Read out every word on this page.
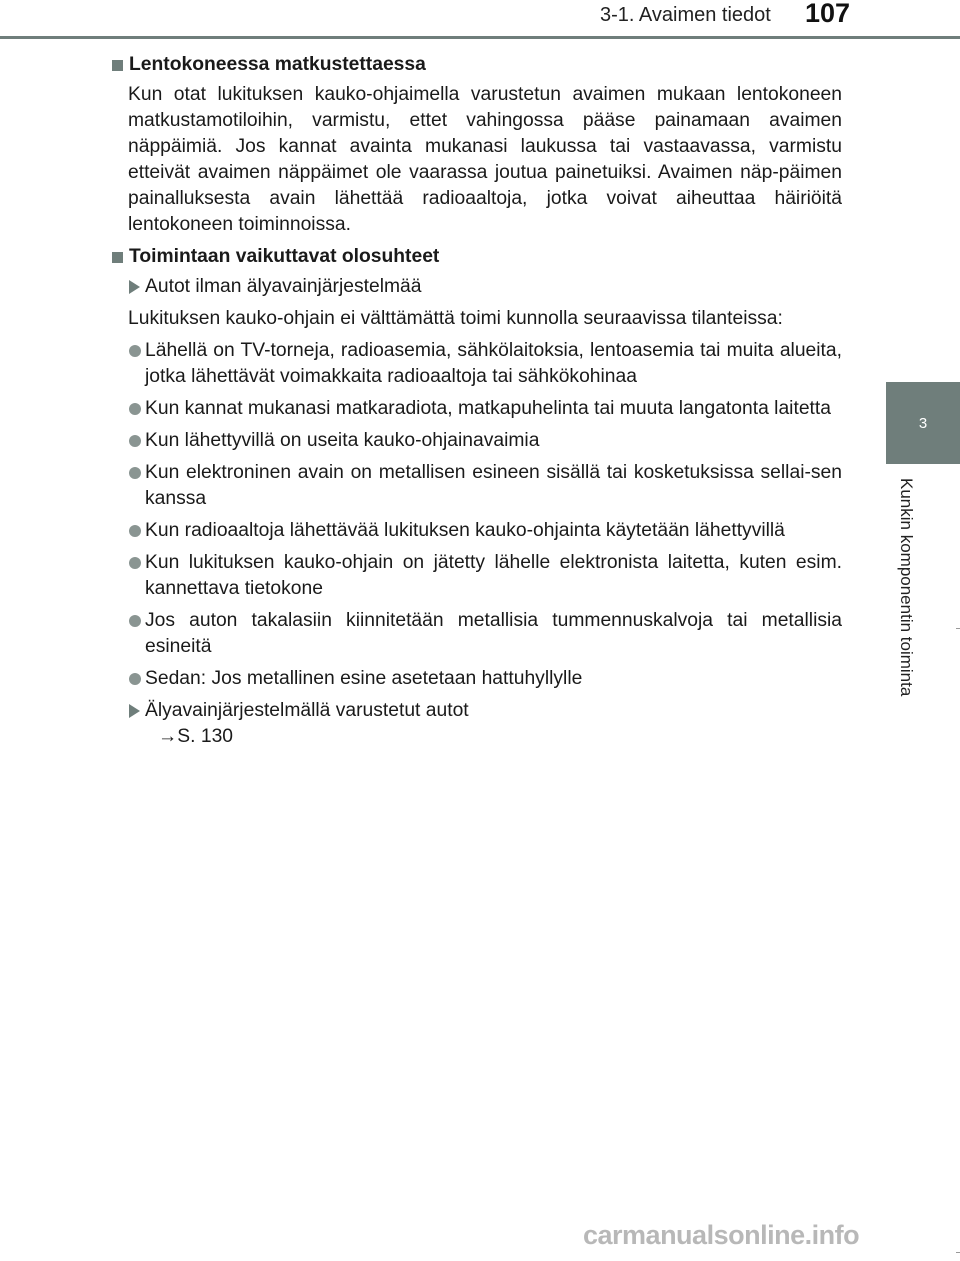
3-1. Avaimen tiedot	107
3
Kunkin komponentin toiminta
Lentokoneessa matkustettaessa
Kun otat lukituksen kauko-ohjaimella varustetun avaimen mukaan lentokoneen matkustamotiloihin, varmistu, ettet vahingossa pääse painamaan avaimen näppäimiä. Jos kannat avainta mukanasi laukussa tai vastaavassa, varmistu etteivät avaimen näppäimet ole vaarassa joutua painetuiksi. Avaimen näp-päimen painalluksesta avain lähettää radioaaltoja, jotka voivat aiheuttaa häiriöitä lentokoneen toiminnoissa.
Toimintaan vaikuttavat olosuhteet
Autot ilman älyavainjärjestelmää
Lukituksen kauko-ohjain ei välttämättä toimi kunnolla seuraavissa tilanteissa:
Lähellä on TV-torneja, radioasemia, sähkölaitoksia, lentoasemia tai muita alueita, jotka lähettävät voimakkaita radioaaltoja tai sähkökohinaa
Kun kannat mukanasi matkaradiota, matkapuhelinta tai muuta langatonta laitetta
Kun lähettyvillä on useita kauko-ohjainavaimia
Kun elektroninen avain on metallisen esineen sisällä tai kosketuksissa sellai-sen kanssa
Kun radioaaltoja lähettävää lukituksen kauko-ohjainta käytetään lähettyvillä
Kun lukituksen kauko-ohjain on jätetty lähelle elektronista laitetta, kuten esim. kannettava tietokone
Jos auton takalasiin kiinnitetään metallisia tummennuskalvoja tai metallisia esineitä
Sedan: Jos metallinen esine asetetaan hattuhyllylle
Älyavainjärjestelmällä varustetut autot
→S. 130
carmanualsonline.info
